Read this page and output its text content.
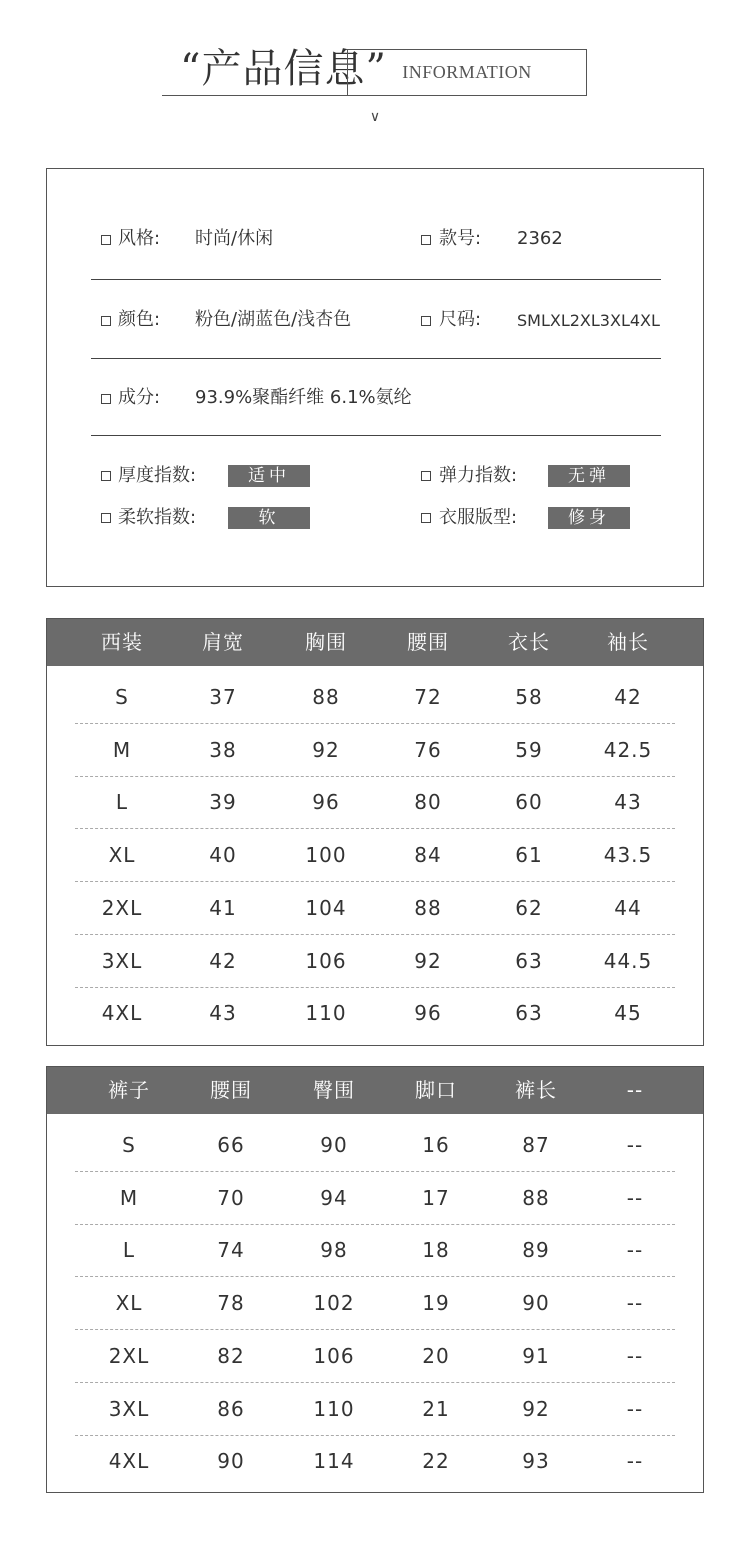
“产品信息” INFORMATION
∨
风格: 时尚/休闲	款号: 2362
颜色: 粉色/湖蓝色/浅杏色	尺码: SMLXL2XL3XL4XL
成分: 93.9%聚酯纤维 6.1%氨纶
厚度指数:	适中	弹力指数:	无弹
柔软指数:	软	衣服版型:	修身
西装	肩宽	胸围	腰围	衣长	袖长
S	37	88	72	58	42
M	38	92	76	59	42.5
L	39	96	80	60	43
XL	40	100	84	61	43.5
2XL	41	104	88	62	44
3XL	42	106	92	63	44.5
4XL	43	110	96	63	45
裤子	腰围	臀围	脚口	裤长	--
S	66	90	16	87	--
M	70	94	17	88	--
L	74	98	18	89	--
XL	78	102	19	90	--
2XL	82	106	20	91	--
3XL	86	110	21	92	--
4XL	90	114	22	93	--
